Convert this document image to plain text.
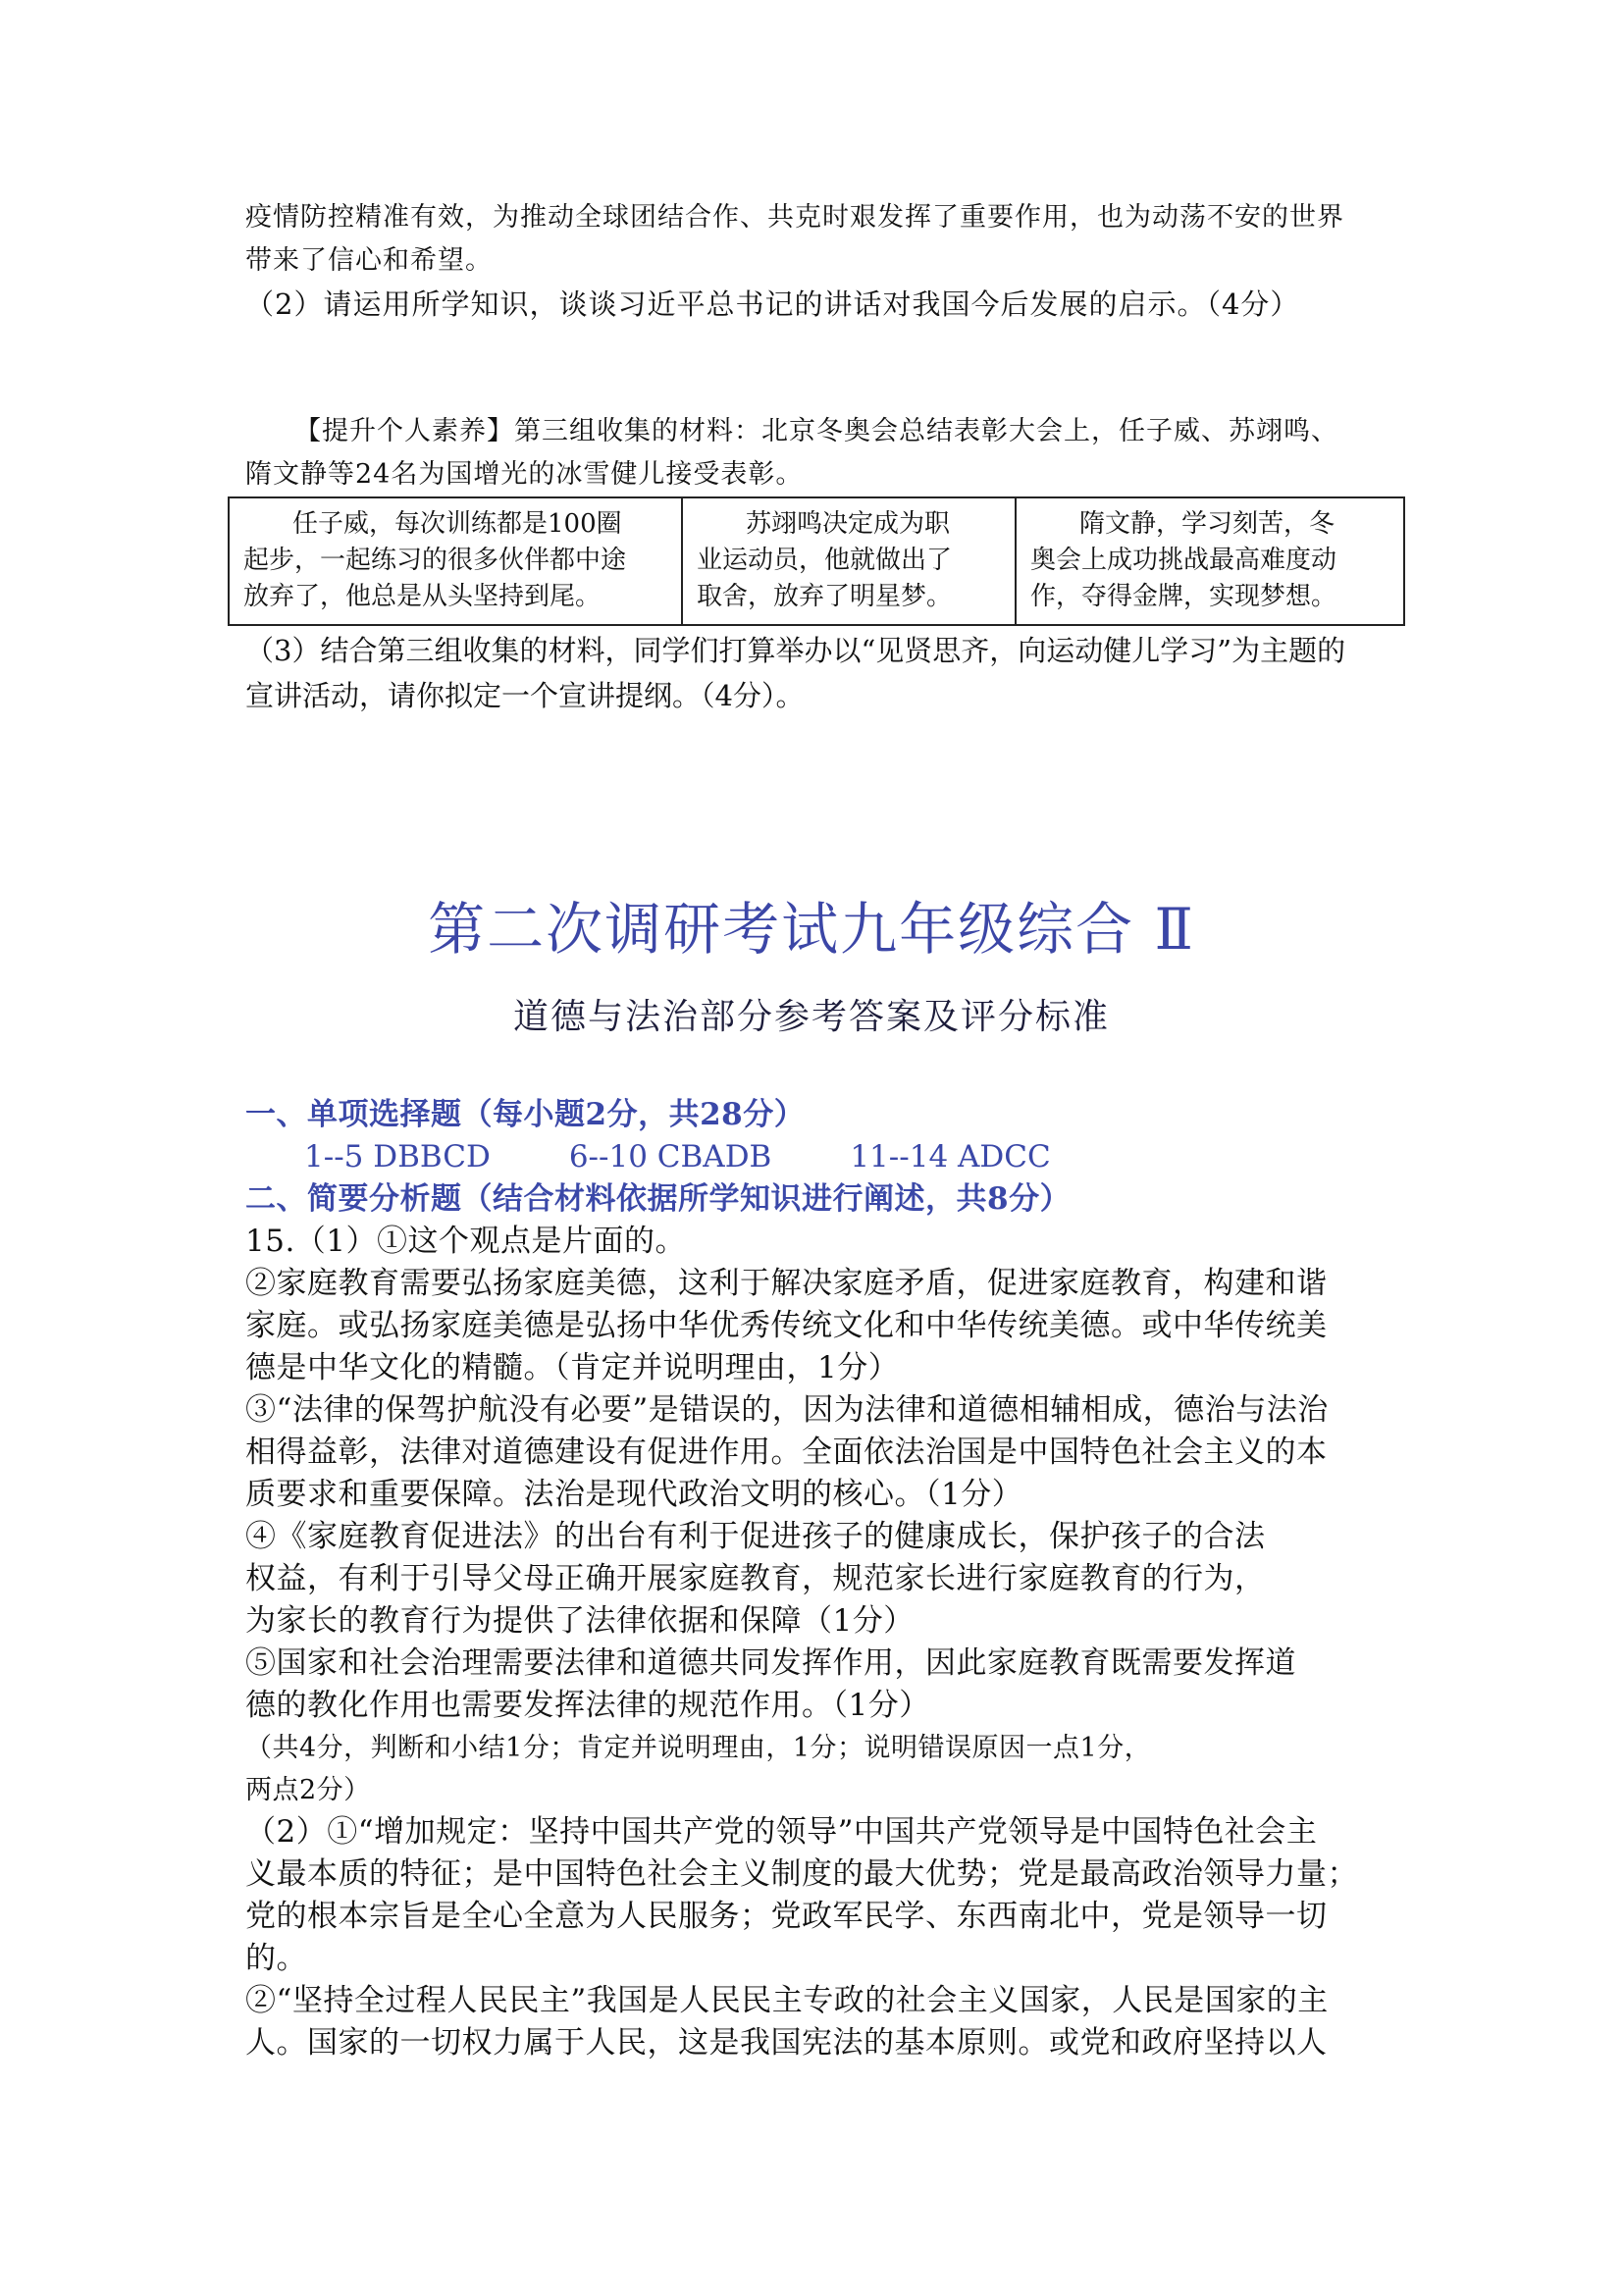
疫情防控精准有效，为推动全球团结合作、共克时艰发挥了重要作用，也为动荡不安的世界

带来了信心和希望。

（2）请运用所学知识，谈谈习近平总书记的讲话对我国今后发展的启示。（4分）

【提升个人素养】第三组收集的材料：北京冬奥会总结表彰大会上，任子威、苏翊鸣、

隋文静等24名为国增光的冰雪健儿接受表彰。

任子威，每次训练都是100圈
起步，一起练习的很多伙伴都中途
放弃了，他总是从头坚持到尾。
苏翊鸣决定成为职
业运动员，他就做出了
取舍，放弃了明星梦。
隋文静，学习刻苦，冬
奥会上成功挑战最高难度动
作，夺得金牌，实现梦想。

（3）结合第三组收集的材料，同学们打算举办以“见贤思齐，向运动健儿学习”为主题的

宣讲活动，请你拟定一个宣讲提纲。（4分）。

第二次调研考试九年级综合 Ⅱ
道德与法治部分参考答案及评分标准

一、单项选择题（每小题2分，共28分）

1--5 DBBCD	6--10 CBADB	11--14 ADCC

二、简要分析题（结合材料依据所学知识进行阐述，共8分）

15.（1）①这个观点是片面的。

②家庭教育需要弘扬家庭美德，这利于解决家庭矛盾，促进家庭教育，构建和谐

家庭。或弘扬家庭美德是弘扬中华优秀传统文化和中华传统美德。或中华传统美

德是中华文化的精髓。（肯定并说明理由，1分）

③“法律的保驾护航没有必要”是错误的，因为法律和道德相辅相成，德治与法治

相得益彰，法律对道德建设有促进作用。全面依法治国是中国特色社会主义的本

质要求和重要保障。法治是现代政治文明的核心。（1分）

④《家庭教育促进法》的出台有利于促进孩子的健康成长，保护孩子的合法

权益，有利于引导父母正确开展家庭教育，规范家长进行家庭教育的行为，

为家长的教育行为提供了法律依据和保障（1分）

⑤国家和社会治理需要法律和道德共同发挥作用，因此家庭教育既需要发挥道

德的教化作用也需要发挥法律的规范作用。（1分）

（共4分，判断和小结1分；肯定并说明理由，1分；说明错误原因一点1分，

两点2分）

（2）①“增加规定：坚持中国共产党的领导”中国共产党领导是中国特色社会主

义最本质的特征；是中国特色社会主义制度的最大优势；党是最高政治领导力量；

党的根本宗旨是全心全意为人民服务；党政军民学、东西南北中，党是领导一切

的。

②“坚持全过程人民民主”我国是人民民主专政的社会主义国家，人民是国家的主

人。国家的一切权力属于人民，这是我国宪法的基本原则。或党和政府坚持以人
